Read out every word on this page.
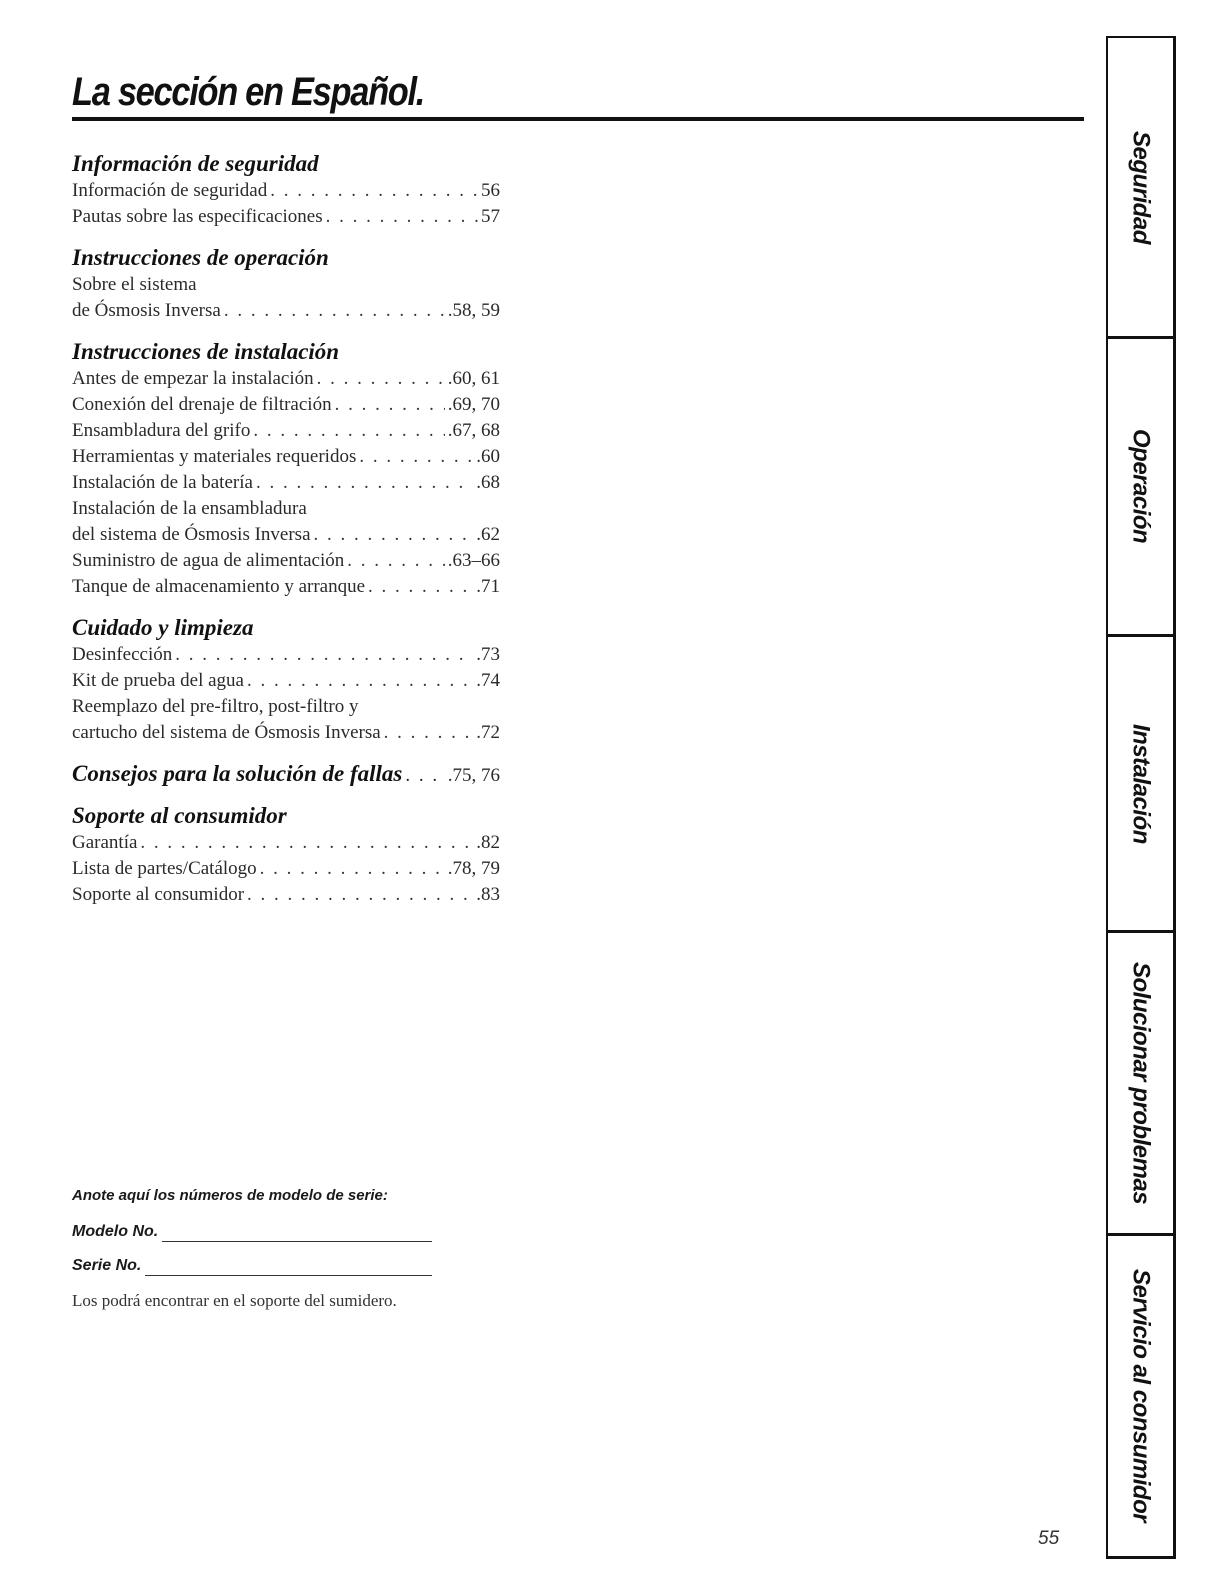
La sección en Español.
Información de seguridad
Información de seguridad . . .	56
Pautas sobre las especificaciones . . .	57
Instrucciones de operación
Sobre el sistema
de Ósmosis Inversa . . .	.58, 59
Instrucciones de instalación
Antes de empezar la instalación . . .	.60, 61
Conexión del drenaje de filtración . . .	.69, 70
Ensambladura del grifo . . .	.67, 68
Herramientas y materiales requeridos . . .	.60
Instalación de la batería . . .	.68
Instalación de la ensambladura
del sistema de Ósmosis Inversa . . .	.62
Suministro de agua de alimentación . . .	.63–66
Tanque de almacenamiento y arranque . . .	.71
Cuidado y limpieza
Desinfección . . .	.73
Kit de prueba del agua . . .	.74
Reemplazo del pre-filtro, post-filtro y
cartucho del sistema de Ósmosis Inversa . . .	.72
Consejos para la solución de fallas . . . .75, 76
Soporte al consumidor
Garantía . . .	.82
Lista de partes/Catálogo . . .	.78, 79
Soporte al consumidor . . .	.83
Anote aquí los números de modelo de serie:
Modelo No.
Serie No.
Los podrá encontrar en el soporte del sumidero.
55
Seguridad
Operación
Instalación
Solucionar problemas
Servicio al consumidor
